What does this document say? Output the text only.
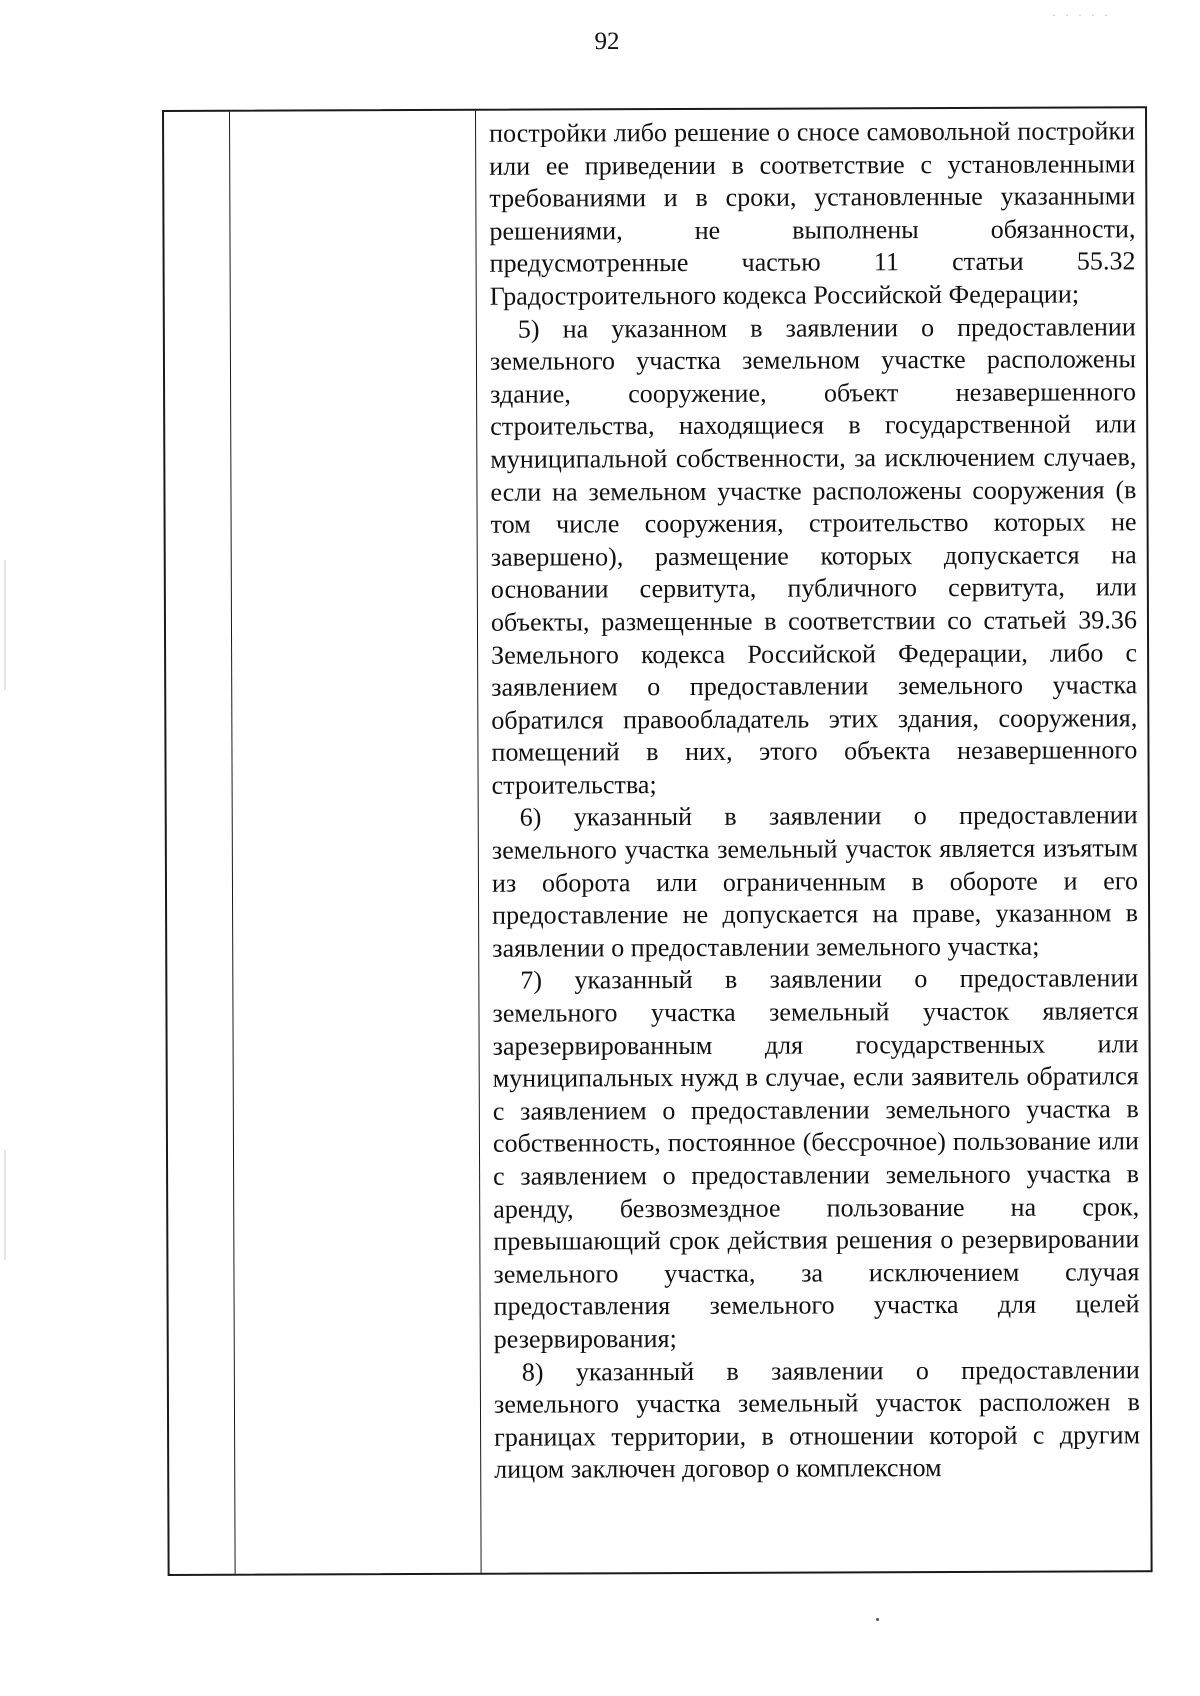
· · · · ·
92

постройки либо решение о сносе самовольной постройки или ее приведении в соответствие с установленными требованиями и в сроки, установленные указанными решениями, не выполнены обязанности, предусмотренные частью 11 статьи 55.32 Градостроительного кодекса Российской Федерации;

5) на указанном в заявлении о предоставлении земельного участка земельном участке расположены здание, сооружение, объект незавершенного строительства, находящиеся в государственной или муниципальной собственности, за исключением случаев, если на земельном участке расположены сооружения (в том числе сооружения, строительство которых не завершено), размещение которых допускается на основании сервитута, публичного сервитута, или объекты, размещенные в соответствии со статьей 39.36 Земельного кодекса Российской Федерации, либо с заявлением о предоставлении земельного участка обратился правообладатель этих здания, сооружения, помещений в них, этого объекта незавершенного строительства;

6) указанный в заявлении о предоставлении земельного участка земельный участок является изъятым из оборота или ограниченным в обороте и его предоставление не допускается на праве, указанном в заявлении о предоставлении земельного участка;

7) указанный в заявлении о предоставлении земельного участка земельный участок является зарезервированным для государственных или муниципальных нужд в случае, если заявитель обратился с заявлением о предоставлении земельного участка в собственность, постоянное (бессрочное) пользование или с заявлением о предоставлении земельного участка в аренду, безвозмездное пользование на срок, превышающий срок действия решения о резервировании земельного участка, за исключением случая предоставления земельного участка для целей резервирования;

8) указанный в заявлении о предоставлении земельного участка земельный участок расположен в границах территории, в отношении которой с другим лицом заключен договор о комплексном
